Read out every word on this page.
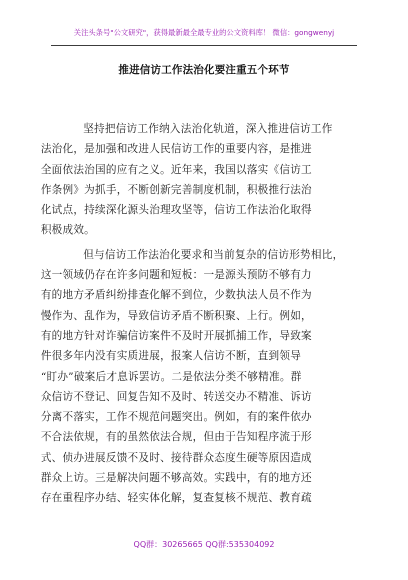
关注头条号"公文研究"，获得最新最全最专业的公文资料库！ 微信：gongwenyj
推进信访工作法治化要注重五个环节

坚持把信访工作纳入法治化轨道，深入推进信访工作
法治化，是加强和改进人民信访工作的重要内容，是推进
全面依法治国的应有之义。近年来，我国以落实《信访工
作条例》为抓手，不断创新完善制度机制，积极推行法治
化试点，持续深化源头治理攻坚等，信访工作法治化取得
积极成效。

但与信访工作法治化要求和当前复杂的信访形势相比，
这一领域仍存在许多问题和短板：一是源头预防不够有力
有的地方矛盾纠纷排查化解不到位，少数执法人员不作为
慢作为、乱作为，导致信访矛盾不断积聚、上行。例如，
有的地方针对诈骗信访案件不及时开展抓捕工作，导致案
件很多年内没有实质进展，报案人信访不断，直到领导
“盯办”破案后才息诉罢访。二是依法分类不够精准。群
众信访不登记、回复告知不及时、转送交办不精准、诉访
分离不落实，工作不规范问题突出。例如，有的案件依办
不合法依规，有的虽然依法合规，但由于告知程序流于形
式、侦办进展反馈不及时、接待群众态度生硬等原因造成
群众上访。三是解决问题不够高效。实践中，有的地方还
存在重程序办结、轻实体化解，复查复核不规范、教育疏

QQ群：30265665 QQ群:535304092
